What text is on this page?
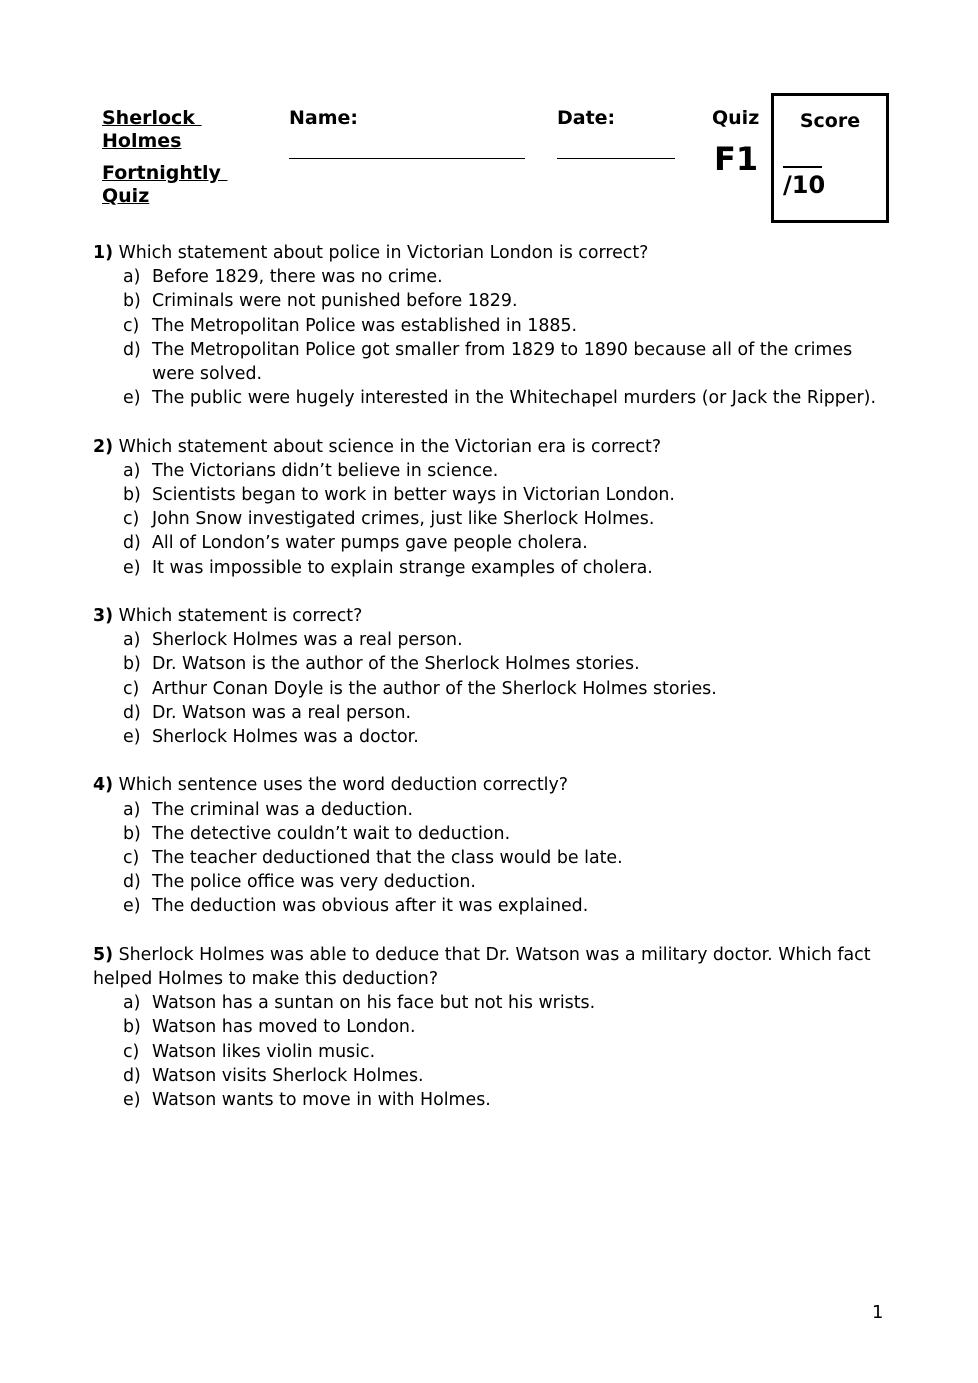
Sherlock
Holmes
Fortnightly
Quiz
Name:	Date:	Quiz
F1
Score
/10
1) Which statement about police in Victorian London is correct?
a) Before 1829, there was no crime.
b) Criminals were not punished before 1829.
c) The Metropolitan Police was established in 1885.
d) The Metropolitan Police got smaller from 1829 to 1890 because all of the crimes were solved.
e) The public were hugely interested in the Whitechapel murders (or Jack the Ripper).
2) Which statement about science in the Victorian era is correct?
a) The Victorians didn’t believe in science.
b) Scientists began to work in better ways in Victorian London.
c) John Snow investigated crimes, just like Sherlock Holmes.
d) All of London’s water pumps gave people cholera.
e) It was impossible to explain strange examples of cholera.
3) Which statement is correct?
a) Sherlock Holmes was a real person.
b) Dr. Watson is the author of the Sherlock Holmes stories.
c) Arthur Conan Doyle is the author of the Sherlock Holmes stories.
d) Dr. Watson was a real person.
e) Sherlock Holmes was a doctor.
4) Which sentence uses the word deduction correctly?
a) The criminal was a deduction.
b) The detective couldn’t wait to deduction.
c) The teacher deductioned that the class would be late.
d) The police office was very deduction.
e) The deduction was obvious after it was explained.
5) Sherlock Holmes was able to deduce that Dr. Watson was a military doctor. Which fact helped Holmes to make this deduction?
a) Watson has a suntan on his face but not his wrists.
b) Watson has moved to London.
c) Watson likes violin music.
d) Watson visits Sherlock Holmes.
e) Watson wants to move in with Holmes.
1
